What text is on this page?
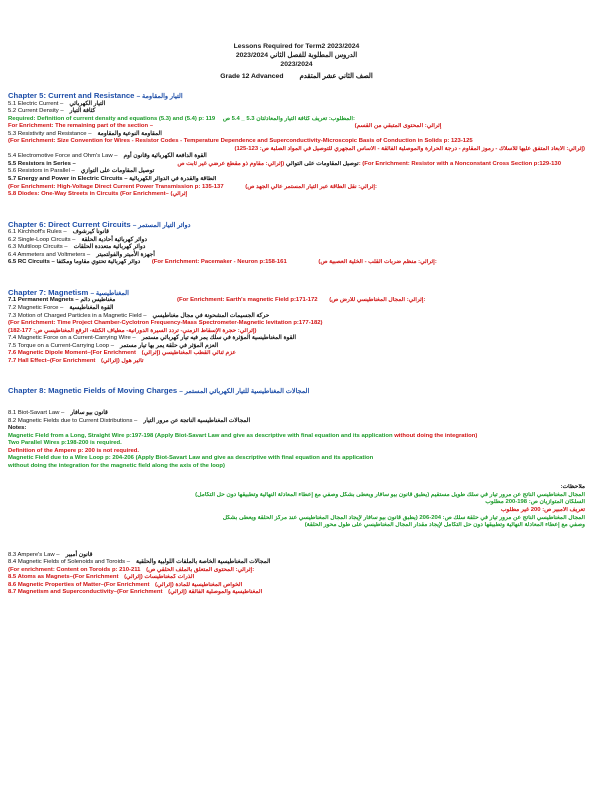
Lessons Required for Term2 2023/2024
الدروس المطلوبة للفصل الثاني 2023/2024
2023/2024
Grade 12 Advanced الصف الثاني عشر المتقدم
Chapter 5: Current and Resistance – التيار والمقاومة
5.1 Electric Current – التيار الكهربائي
5.2 Current Density – كثافة التيار
Required: Definition of current density and equations (5.3) and (5.4) p: 119 المطلوب: تعريف كثافة التيار والمعادلتان 5.3 _ 5.4 ص:
For Enrichment: The remaining part of the section –	(إثرائي: المحتوى المتبقي من القسم
5.3 Resistivity and Resistance – المقاومة النوعية والمقاومة
(For Enrichment: Size Convention for Wires - Resistor Codes - Temperature Dependence and Superconductivity-Microscopic Basis of Conduction in Solids p: 123-125
(إثرائي: الأبعاد المتفق عليها للأسلاك - رموز المقاوم - درجة الحرارة والموصلية الفائقة - الأساس المجهري للتوصيل في المواد الصلبة ص: 123-125)
5.4 Electromotive Force and Ohm's Law – القوة الدافعة الكهربائية وقانون أوم
5.5 Resistors in Series –	توصيل المقاومات على التوالي (إثرائي: مقاوم ذو مقطع عرضي غير ثابت ص: (For Enrichment: Resistor with a Nonconstant Cross Section p:129-130
5.6 Resistors in Parallel – توصيل المقاومات على التوازي
5.7 Energy and Power in Electric Circuits – الطاقة والقدرة في الدوائر الكهربائية
(For Enrichment: High-Voltage Direct Current Power Transmission p: 135-137	(إثرائي: نقل الطاقة عبر التيار المستمر عالي الجهد ص:
5.8 Diodes: One-Way Streets in Circuits (For Enrichment– (إثرائي
Chapter 6: Direct Current Circuits – دوائر التيار المستمر
6.1 Kirchhoff's Rules – قانونا كيرشوف
6.2 Single-Loop Circuits – دوائر كهربائية أحادية الحلقة
6.3 Multiloop Circuits – دوائر كهربائية متعددة الحلقات
6.4 Ammeters and Voltmeters – أجهزة الأميتر والفولتميتر
6.5 RC Circuits – دوائر كهربائية تحتوي مقاوماً ومكثفاً (For Enrichment: Pacemaker - Neuron p:158-161	(إثرائي: منظم ضربات القلب - الخلية العصبية ص:
Chapter 7: Magnetism – المغناطيسية
7.1 Permanent Magnets – مغناطيس دائم	(For Enrichment: Earth's magnetic Field p:171-172 (إثرائي: المجال المغناطيسي للأرض ص:
7.2 Magnetic Force – القوة المغناطيسية
7.3 Motion of Charged Particles in a Magnetic Field – حركة الجسيمات المشحونة في مجال مغناطيسي
(For Enrichment: Time Project Chamber-Cyclotron Frequency-Mass Spectrometer-Magnetic levitation p:177-182)
(إثرائي: حجرة الإسقاط الزمني- تردد السيرة الدورانية- مطياف الكتلة- الرفع المغناطيسي ص: 177-182)
7.4 Magnetic Force on a Current-Carrying Wire – القوة المغناطيسية المؤثرة في سلك يمر فيه تيار كهربائي مستمر
7.5 Torque on a Current-Carrying Loop – العزم المؤثر في حلقة يمر بها تيار مستمر
7.6 Magnetic Dipole Moment–(For Enrichment (إثرائي) عزم ثنائي القطب المغناطيسي
7.7 Hall Effect–(For Enrichment (إثرائي) تأثير هول
Chapter 8: Magnetic Fields of Moving Charges – المجالات المغناطيسية للتيار الكهربائي المستمر
8.1 Biot-Savart Law – قانون بيو سافار
8.2 Magnetic Fields due to Current Distributions – المجالات المغناطيسية الناتجة عن مرور التيار
Notes:
Magnetic Field from a Long, Straight Wire p:197-198 (Apply Biot-Savart Law and give as descriptive with final equation and its application without doing the integration)
Two Parallel Wires p:198-200 is required.
Definition of the Ampere p: 200 is not required.
Magnetic Field due to a Wire Loop p: 204-206 (Apply Biot-Savart Law and give as descriptive with final equation and its application
without doing the integration for the magnetic field along the axis of the loop)
ملاحظات:
المجال المغناطيسي الناتج عن مرور تيار في سلك طويل مستقيم (يطبق قانون بيو سافار ويعطى بشكل وصفي مع إعطاء المعادلة النهائية وتطبيقها دون حل التكامل)
السلكان المتوازيان ص: 198-200 مطلوب
تعريف الأمبير ص: 200 غير مطلوب
المجال المغناطيسي الناتج عن مرور تيار في حلقة سلك ص: 204-206 (يطبق قانون بيو سافار لإيجاد المجال المغناطيسي عند مركز الحلقة ويعطى بشكل
وصفي مع إعطاء المعادلة النهائية وتطبيقها دون حل التكامل لإيجاد مقدار المجال المغناطيسي على طول محور الحلقة)
8.3 Ampere's Law – قانون أمبير
8.4 Magnetic Fields of Solenoids and Toroids – المجالات المغناطيسية الخاصة بالملفات اللولبية والحلقية
(For enrichment: Content on Toroids p: 210-211 (إثرائي: المحتوى المتعلق بالملف الحلقي ص:
8.5 Atoms as Magnets–(For Enrichment (إثرائي) الذرات كمغناطيسات
8.6 Magnetic Properties of Matter–(For Enrichment (إثرائي) الخواص المغناطيسية للمادة
8.7 Magnetism and Superconductivity–(For Enrichment (إثرائي) المغناطيسية والموصلية الفائقة
